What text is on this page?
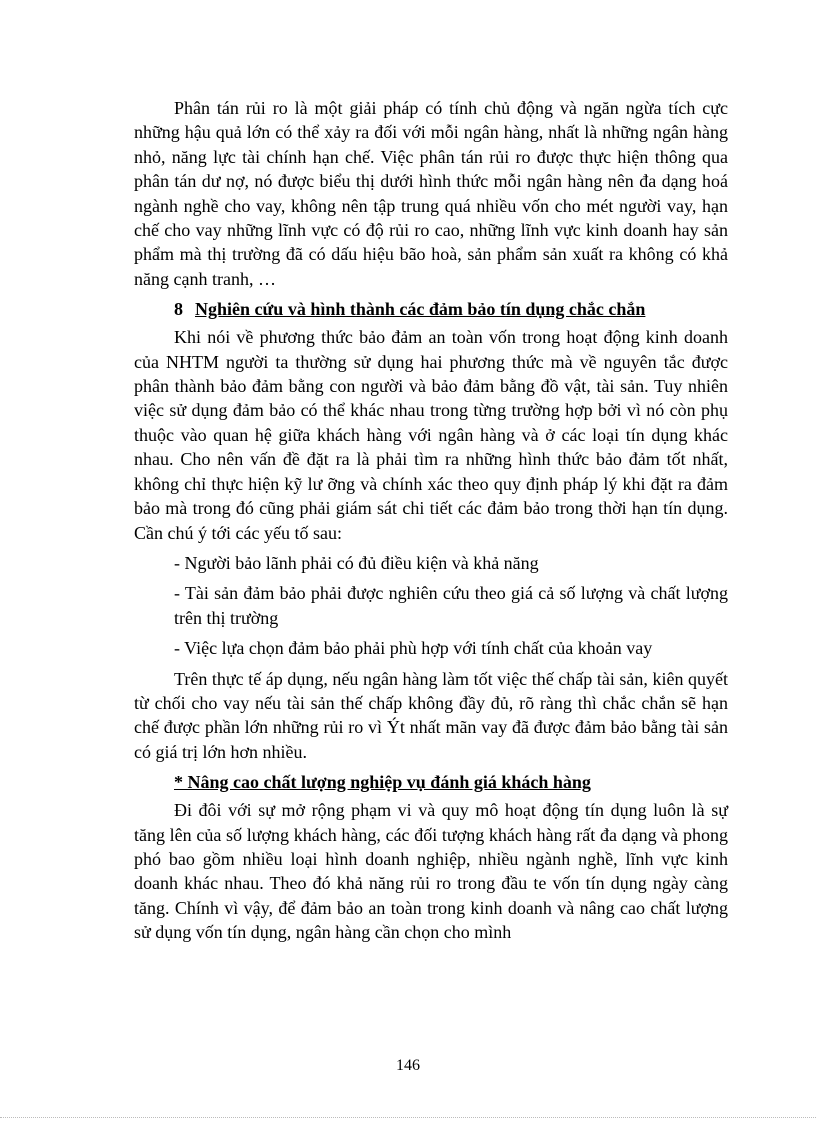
Phân tán rủi ro là một giải pháp có tính chủ động và ngăn ngừa tích cực những hậu quả lớn có thể xảy ra đối với mỗi ngân hàng, nhất là những ngân hàng nhỏ, năng lực tài chính hạn chế. Việc phân tán rủi ro được thực hiện thông qua phân tán dư nợ, nó được biểu thị dưới hình thức mỗi ngân hàng nên đa dạng hoá ngành nghề cho vay, không nên tập trung quá nhiều vốn cho mét người vay, hạn chế cho vay những lĩnh vực có độ rủi ro cao, những lĩnh vực kinh doanh hay sản phẩm mà thị trường đã có dấu hiệu bão hoà, sản phẩm sản xuất ra không có khả năng cạnh tranh, …

8 Nghiên cứu và hình thành các đảm bảo tín dụng chắc chắn

Khi nói về phương thức bảo đảm an toàn vốn trong hoạt động kinh doanh của NHTM người ta thường sử dụng hai phương thức mà về nguyên tắc được phân thành bảo đảm bằng con người và bảo đảm bằng đồ vật, tài sản. Tuy nhiên việc sử dụng đảm bảo có thể khác nhau trong từng trường hợp bởi vì nó còn phụ thuộc vào quan hệ giữa khách hàng với ngân hàng và ở các loại tín dụng khác nhau. Cho nên vấn đề đặt ra là phải tìm ra những hình thức bảo đảm tốt nhất, không chỉ thực hiện kỹ lư ỡng và chính xác theo quy định pháp lý khi đặt ra đảm bảo mà trong đó cũng phải giám sát chi tiết các đảm bảo trong thời hạn tín dụng. Cần chú ý tới các yếu tố sau:

- Người bảo lãnh phải có đủ điều kiện và khả năng

- Tài sản đảm bảo phải được nghiên cứu theo giá cả số lượng và chất lượng trên thị trường

- Việc lựa chọn đảm bảo phải phù hợp với tính chất của khoản vay

Trên thực tế áp dụng, nếu ngân hàng làm tốt việc thế chấp tài sản, kiên quyết từ chối cho vay nếu tài sản thế chấp không đầy đủ, rõ ràng thì chắc chắn sẽ hạn chế được phần lớn những rủi ro vì Ýt nhất mãn vay đã được đảm bảo bằng tài sản có giá trị lớn hơn nhiều.

* Nâng cao chất lượng nghiệp vụ đánh giá khách hàng

Đi đôi với sự mở rộng phạm vi và quy mô hoạt động tín dụng luôn là sự tăng lên của số lượng khách hàng, các đối tượng khách hàng rất đa dạng và phong phó bao gồm nhiều loại hình doanh nghiệp, nhiều ngành nghề, lĩnh vực kinh doanh khác nhau. Theo đó khả năng rủi ro trong đầu te vốn tín dụng ngày càng tăng. Chính vì vậy, để đảm bảo an toàn trong kinh doanh và nâng cao chất lượng sử dụng vốn tín dụng, ngân hàng cần chọn cho mình

146
